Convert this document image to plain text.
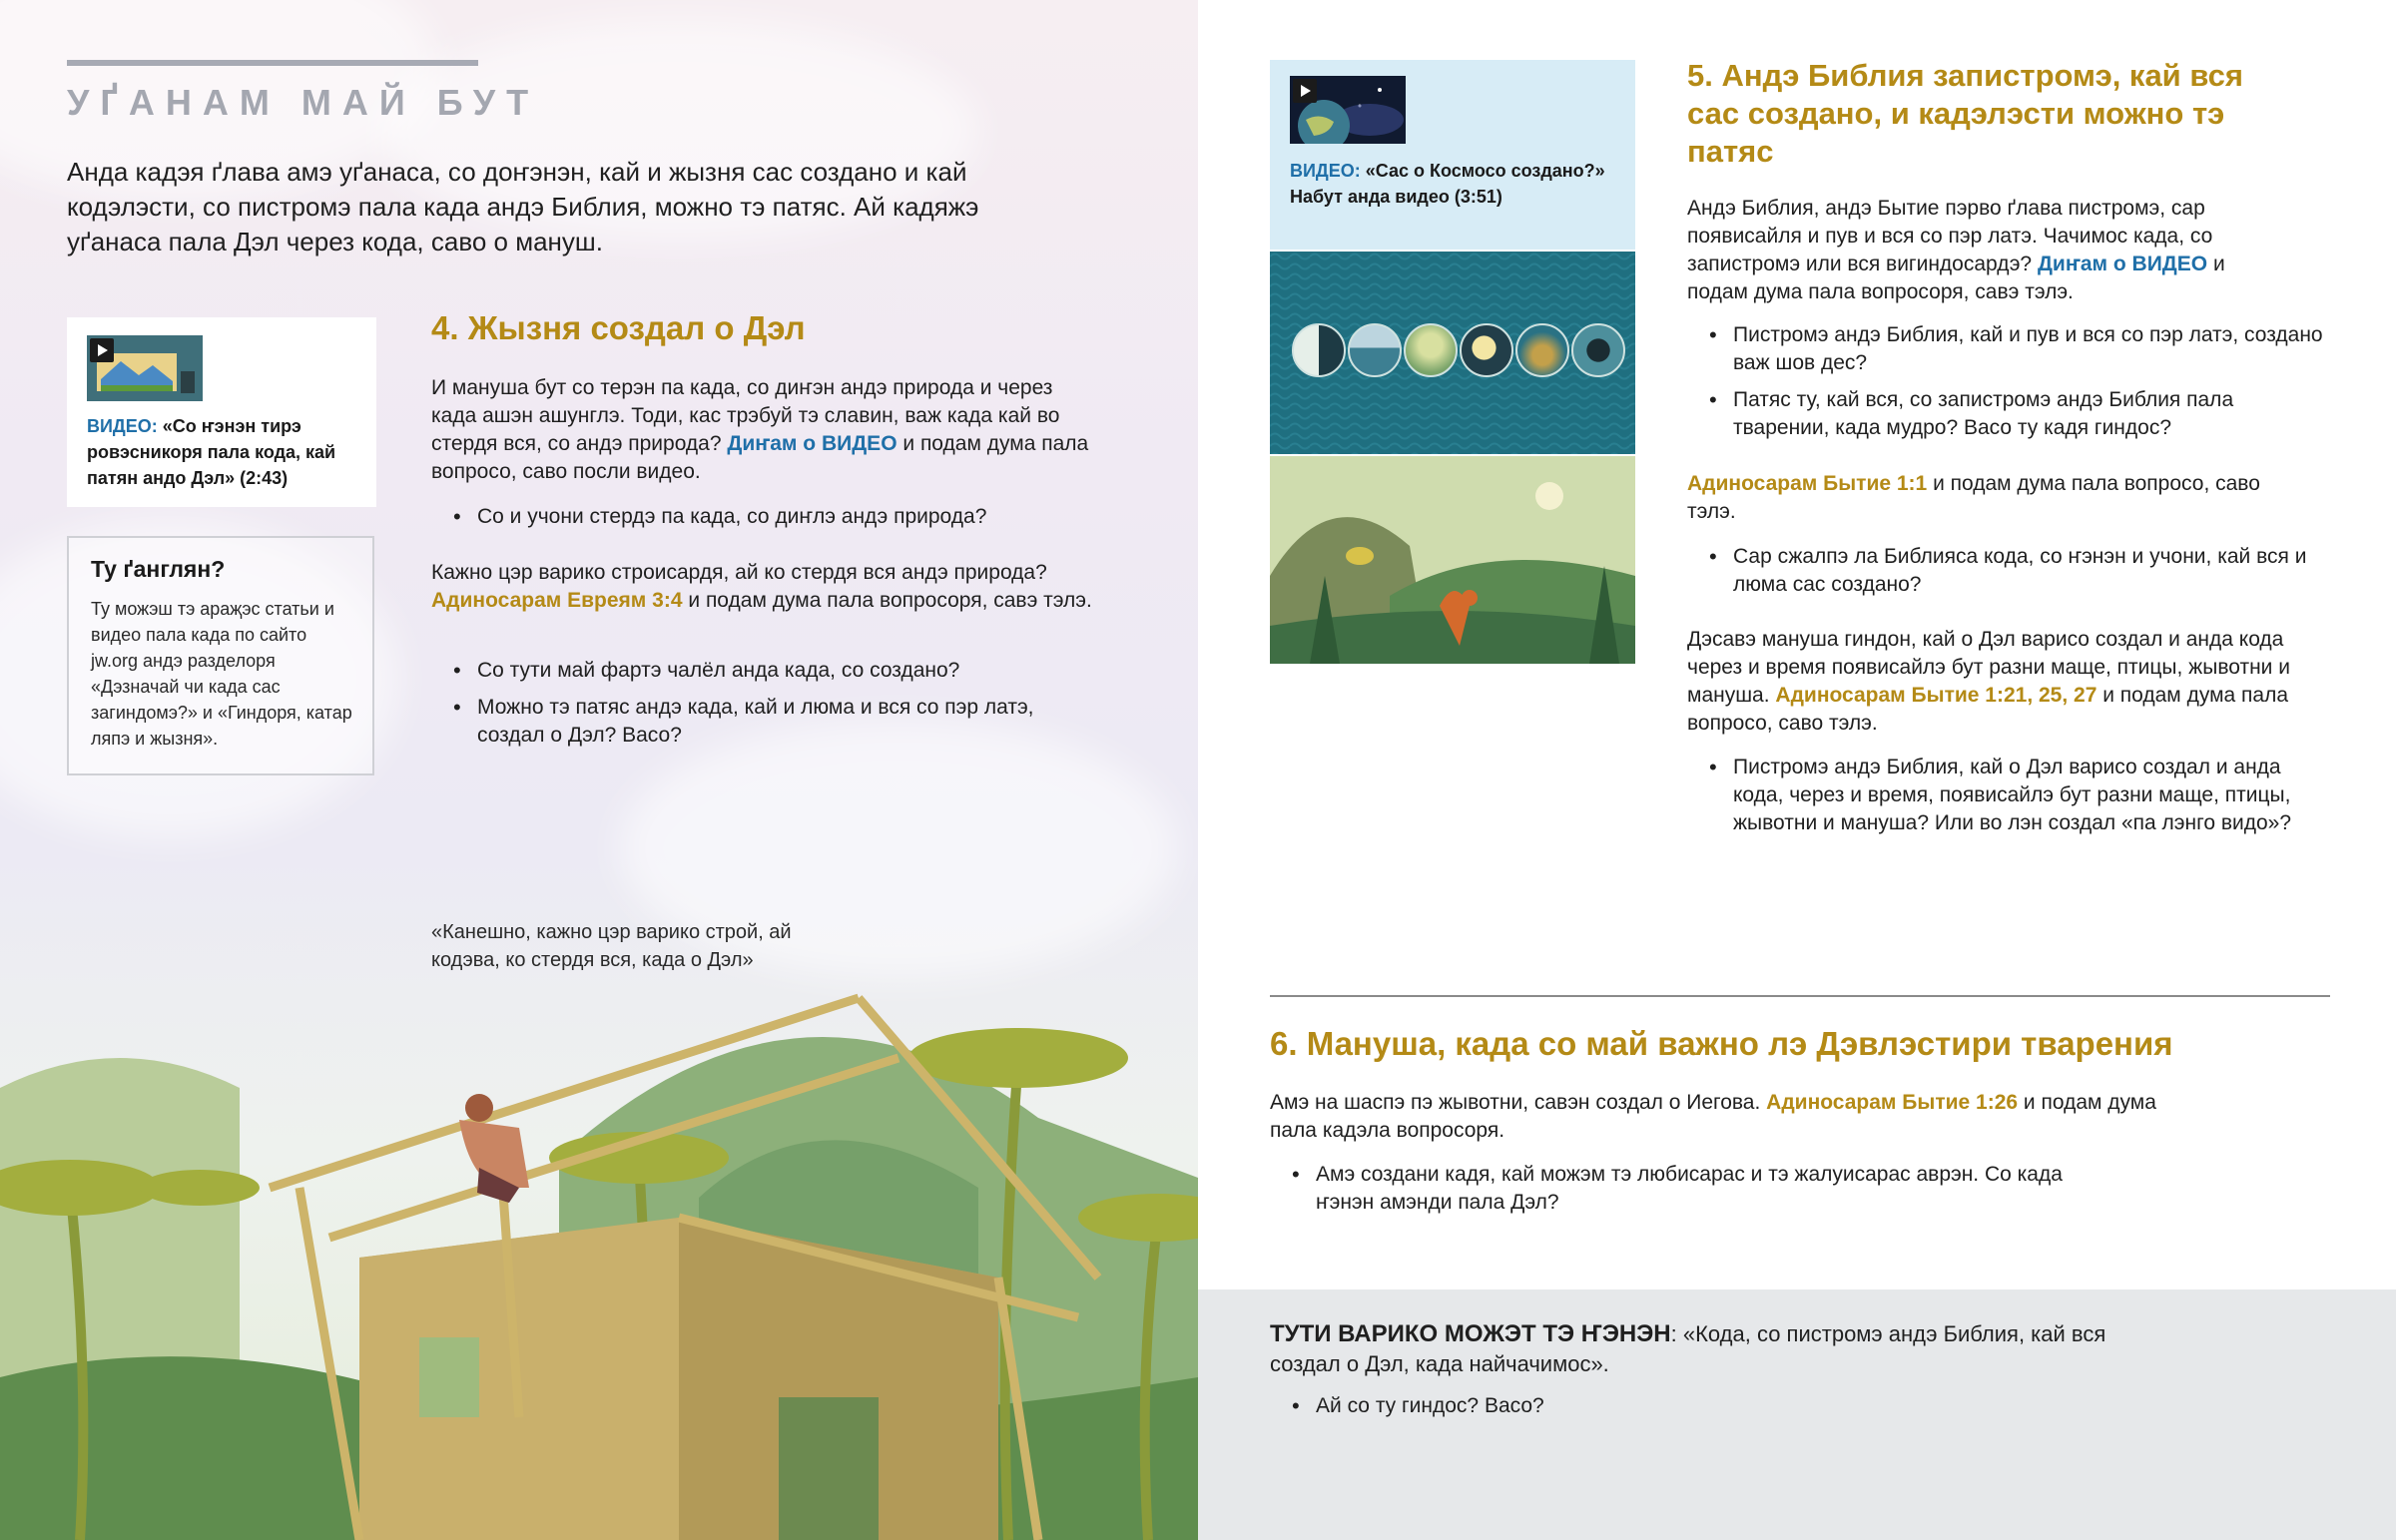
УҐАНАМ МАЙ БУТ

Анда кадэя ґлава амэ уґанаса, со доҥэнэн, кай и жызня сас создано и кай кодэлэсти, со пистромэ пала када андэ Библия, можно тэ патяс. Ай кадяжэ уґанаса пала Дэл через кода, саво о мануш.

ВИДЕО: «Со ҥэнэн тирэ ровэсникоря пала кода, кай патян андо Дэл» (2:43)
Ту ґанглян?

Ту можэш тэ араҗэс статьи и видео пала када по сайто jw.org андэ разделоря «Дэзначай чи када сас загиндомэ?» и «Гиндоря, катар ляпэ и жызня».

4. Жызня создал о Дэл

И мануша бут со терэн па када, со диҥэн андэ природа и через када ашэн ашунглэ. Тоди, кас трэбуй тэ славин, важ када кай во стердя вся, со андэ природа? Диҥам о ВИДЕО и подам дума пала вопросо, саво посли видео.

• Со и учони стердэ па када, со диҥлэ андэ природа?

Кажно цэр варико строисардя, ай ко стердя вся андэ природа? Адиносарам Евреям 3:4 и подам дума пала вопросоря, савэ тэлэ.

• Со тути май фартэ чалёл анда када, со создано?

• Можно тэ патяс андэ када, кай и люма и вся со пэр латэ, создал о Дэл? Васо?

«Канешно, кажно цэр варико строй, ай кодэва, ко стердя вся, када о Дэл»

ВИДЕО: «Сас о Космосо создано?»
Набут анда видео (3:51)
5. Андэ Библия запистромэ, кай вся сас создано, и кадэлэсти можно тэ патяс

Андэ Библия, андэ Бытие пэрво ґлава пистромэ, сар появисайля и пув и вся со пэр латэ. Чачимос када, со запистромэ или вся вигиндосардэ? Диҥам о ВИДЕО и подам дума пала вопросоря, савэ тэлэ.

• Пистромэ андэ Библия, кай и пув и вся со пэр латэ, создано важ шов дес?

• Патяс ту, кай вся, со запистромэ андэ Библия пала тварении, када мудро? Васо ту кадя гиндос?

Адиносарам Бытие 1:1 и подам дума пала вопросо, саво тэлэ.

• Сар сжалпэ ла Библияса кода, со ҥэнэн и учони, кай вся и люма сас создано?

Дэсавэ мануша гиндон, кай о Дэл варисо создал и анда кода через и время появисайлэ бут разни маще, птицы, жывотни и мануша. Адиносарам Бытие 1:21, 25, 27 и подам дума пала вопросо, саво тэлэ.

• Пистромэ андэ Библия, кай о Дэл варисо создал и анда кода, через и время, появисайлэ бут разни маще, птицы, жывотни и мануша? Или во лэн создал «па лэнго видо»?

6. Мануша, када со май важно лэ Дэвлэстири тварения

Амэ на шаспэ пэ жывотни, савэн создал о Иегова. Адиносарам Бытие 1:26 и подам дума пала кадэла вопросоря.

• Амэ создани кадя, кай можэм тэ любисарас и тэ жалуисарас аврэн. Со када ҥэнэн амэнди пала Дэл?

ТУТИ ВАРИКО МОЖЭТ ТЭ ҤЭНЭН: «Кода, со пистромэ андэ Библия, кай вся создал о Дэл, када найчачимос».

• Ай со ту гиндос? Васо?
